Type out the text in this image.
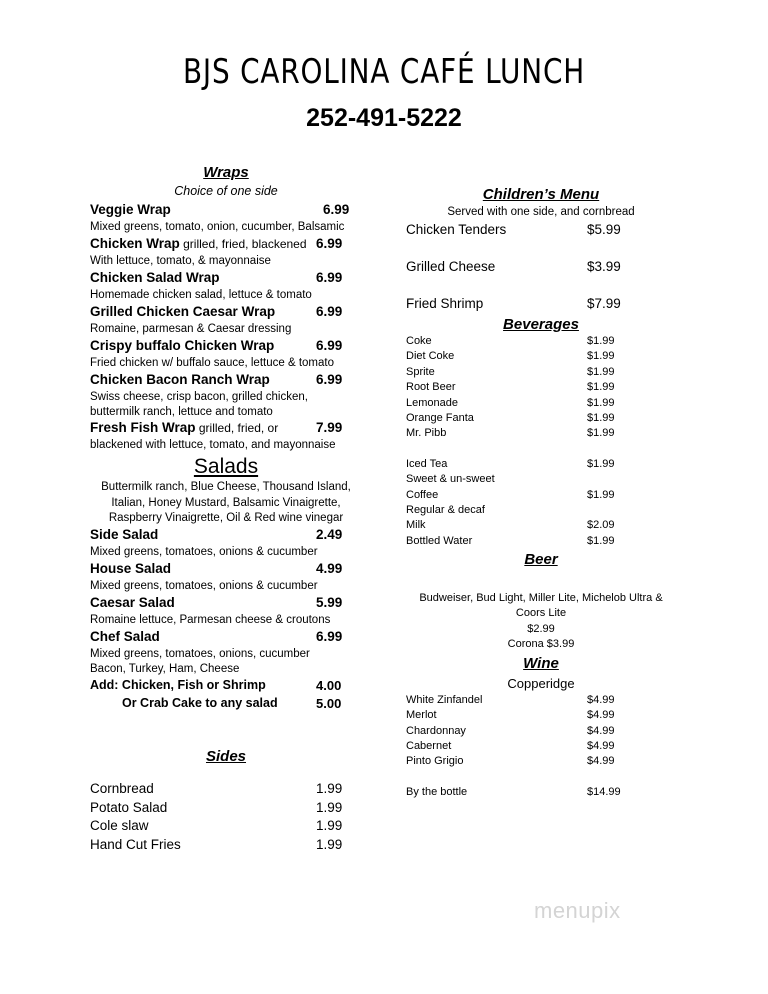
BJS CAROLINA CAFÉ LUNCH
252-491-5222
Wraps
Choice of one side
Veggie Wrap	6.99
Mixed greens, tomato, onion, cucumber, Balsamic
Chicken Wrap grilled, fried, blackened 6.99
With lettuce, tomato, & mayonnaise
Chicken Salad Wrap	6.99
Homemade chicken salad, lettuce & tomato
Grilled Chicken Caesar Wrap	6.99
Romaine, parmesan & Caesar dressing
Crispy buffalo Chicken Wrap	6.99
Fried chicken w/ buffalo sauce, lettuce & tomato
Chicken Bacon Ranch Wrap	6.99
Swiss cheese, crisp bacon, grilled chicken,
buttermilk ranch, lettuce and tomato
Fresh Fish Wrap grilled, fried, or	7.99
blackened with lettuce, tomato, and mayonnaise
Salads
Buttermilk ranch, Blue Cheese, Thousand Island,
Italian, Honey Mustard, Balsamic Vinaigrette,
Raspberry Vinaigrette, Oil & Red wine vinegar
Side Salad	2.49
Mixed greens, tomatoes, onions & cucumber
House Salad	4.99
Mixed greens, tomatoes, onions & cucumber
Caesar Salad	5.99
Romaine lettuce, Parmesan cheese & croutons
Chef Salad	6.99
Mixed greens, tomatoes, onions, cucumber
Bacon, Turkey, Ham, Cheese
Add: Chicken, Fish or Shrimp	4.00
Or Crab Cake to any salad	5.00
Sides
Cornbread	1.99
Potato Salad	1.99
Cole slaw	1.99
Hand Cut Fries	1.99
Children’s Menu
Served with one side, and cornbread
Chicken Tenders	$5.99
Grilled Cheese	$3.99
Fried Shrimp	$7.99
Beverages
Coke	$1.99
Diet Coke	$1.99
Sprite	$1.99
Root Beer	$1.99
Lemonade	$1.99
Orange Fanta	$1.99
Mr. Pibb	$1.99
Iced Tea	$1.99
Sweet & un-sweet
Coffee	$1.99
Regular & decaf
Milk	$2.09
Bottled Water	$1.99
Beer
Budweiser, Bud Light, Miller Lite, Michelob Ultra &
Coors Lite
$2.99
Corona $3.99
Wine
Copperidge
White Zinfandel	$4.99
Merlot	$4.99
Chardonnay	$4.99
Cabernet	$4.99
Pinto Grigio	$4.99
By the bottle	$14.99
menupix
